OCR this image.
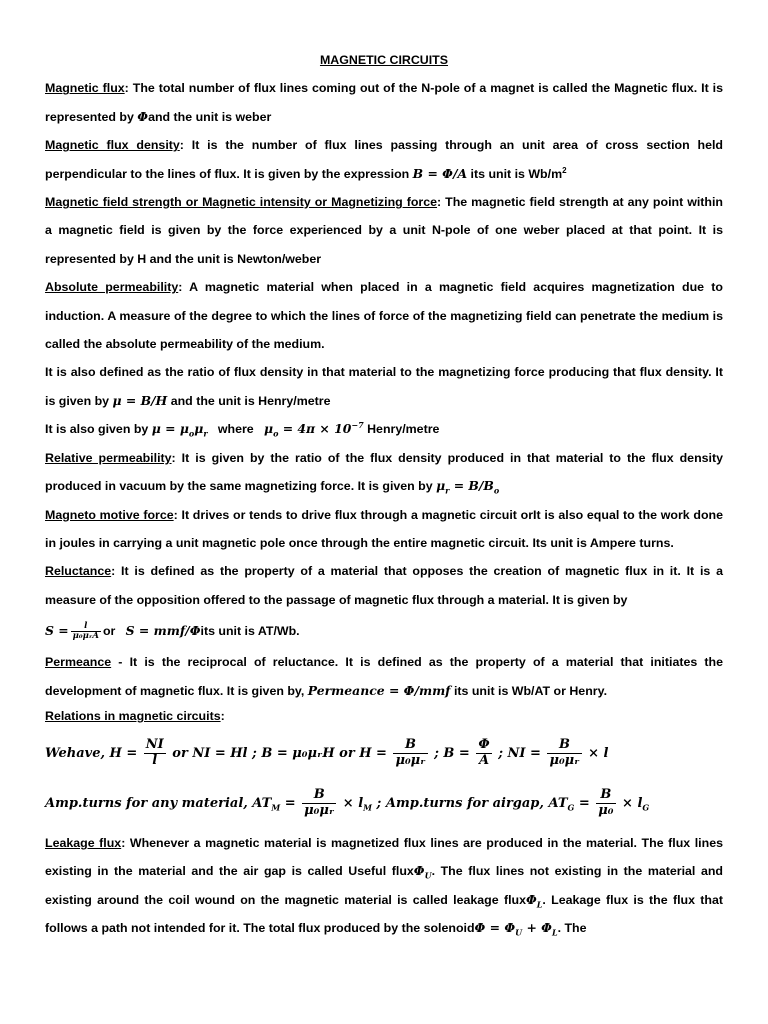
MAGNETIC CIRCUITS

Magnetic flux: The total number of flux lines coming out of the N-pole of a magnet is called the Magnetic flux. It is represented by Φand the unit is weber

Magnetic flux density: It is the number of flux lines passing through an unit area of cross section held perpendicular to the lines of flux. It is given by the expression B = Φ/A its unit is $Wb/m^2$

Magnetic field strength or Magnetic intensity or Magnetizing force: The magnetic field strength at any point within a magnetic field is given by the force experienced by a unit N-pole of one weber placed at that point. It is represented by H and the unit is Newton/weber

Absolute permeability: A magnetic material when placed in a magnetic field acquires magnetization due to induction. A measure of the degree to which the lines of force of the magnetizing field can penetrate the medium is called the absolute permeability of the medium.

It is also defined as the ratio of flux density in that material to the magnetizing force producing that flux density. It is given by μ = B/H and the unit is Henry/metre

It is also given by $\mu = \mu_o\mu_r$ where $\mu_o = 4\pi \times 10^{-7}$ Henry/metre

Relative permeability: It is given by the ratio of the flux density produced in that material to the flux density produced in vacuum by the same magnetizing force. It is given by $\mu_r = B/B_o$

Magneto motive force: It drives or tends to drive flux through a magnetic circuit orIt is also equal to the work done in joules in carrying a unit magnetic pole once through the entire magnetic circuit. Its unit is Ampere turns.

Reluctance: It is defined as the property of a material that opposes the creation of magnetic flux in it. It is a measure of the opposition offered to the passage of magnetic flux through a material. It is given by

$S = \frac{l}{\text{μ₀μᵣA}}$ or S = mmf/Φits unit is AT/Wb.

Permeance - It is the reciprocal of reluctance. It is defined as the property of a material that initiates the development of magnetic flux. It is given by, Permeance = Φ/mmf its unit is Wb/AT or Henry.

Relations in magnetic circuits:

Wehave, $H = \frac{NI}{l}$ or NI = Hl ; B = μ₀μᵣH or $H = \frac{B}{\text{μ₀μᵣ}}$ ; $B = \frac{\Phi}{A}$ ; NI = $\frac{B}{\text{μ₀μᵣ}} \times l$

Amp.turns for any material, $AT_M = \frac{B}{\text{μ₀μᵣ}} \times l_M$ ; Amp.turns for airgap, $AT_G = \frac{B}{\text{μ₀}} \times l_G$

Leakage flux: Whenever a magnetic material is magnetized flux lines are produced in the material. The flux lines existing in the material and the air gap is called Useful fluxΦ$_U$. The flux lines not existing in the material and existing around the coil wound on the magnetic material is called leakage fluxΦ$_L$. Leakage flux is the flux that follows a path not intended for it. The total flux produced by the solenoidΦ = $\Phi_U + \Phi_L$. The
